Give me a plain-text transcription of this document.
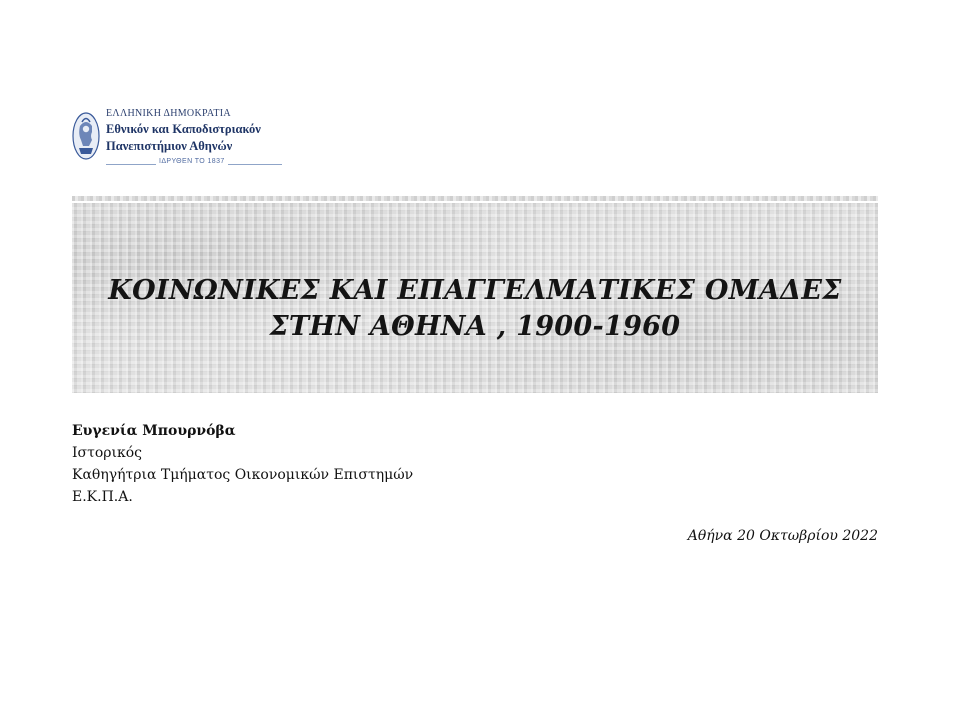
ΕΛΛΗΝΙΚΗ ΔΗΜΟΚΡΑΤΙΑ
Εθνικόν και Καποδιστριακόν
Πανεπιστήμιον Αθηνών
ΙΔΡΥΘΕΝ ΤΟ 1837
ΚΟΙΝΩΝΙΚΕΣ ΚΑΙ ΕΠΑΓΓΕΛΜΑΤΙΚΕΣ ΟΜΑΔΕΣ
ΣΤΗΝ ΑΘΗΝΑ , 1900-1960
Ευγενία Μπουρνόβα
Ιστορικός
Καθηγήτρια Τμήματος Οικονομικών Επιστημών
Ε.Κ.Π.Α.
Αθήνα 20 Οκτωβρίου 2022
